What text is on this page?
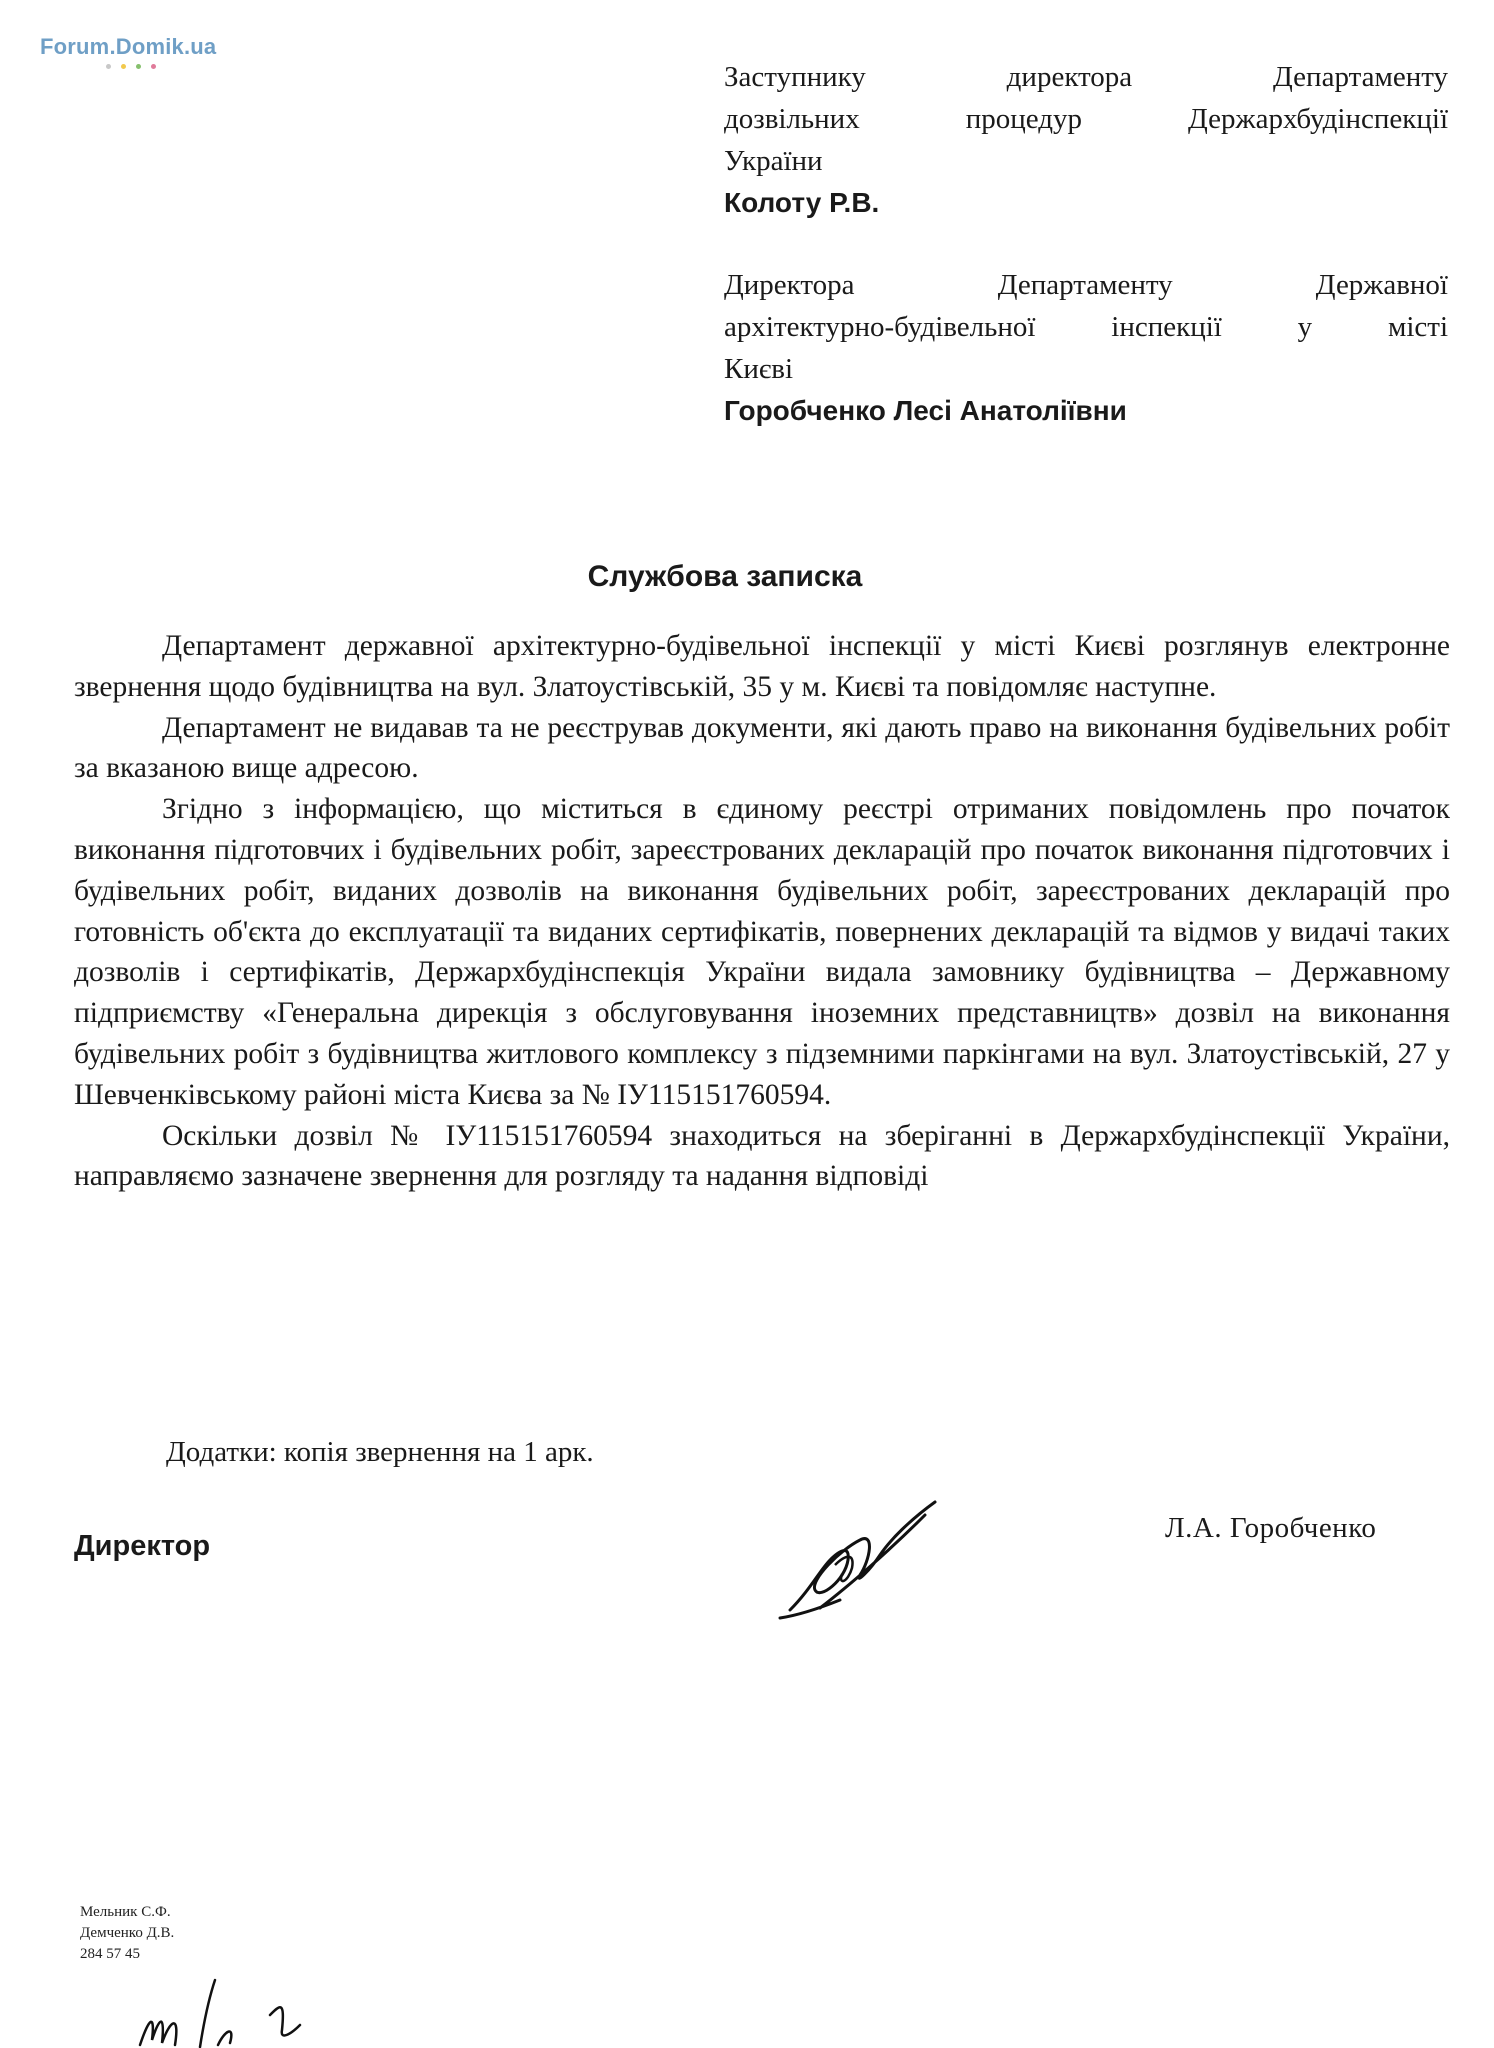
Forum.Domik.ua
Заступнику директора Департаменту
дозвільних процедур Держархбудінспекції
України
Колоту Р.В.
Директора Департаменту Державної
архітектурно-будівельної інспекції у місті
Києві
Горобченко Лесі Анатоліївни
Службова записка

Департамент державної архітектурно-будівельної інспекції у місті Києві розглянув електронне звернення щодо будівництва на вул. Златоустівській, 35 у м. Києві та повідомляє наступне.

Департамент не видавав та не реєстрував документи, які дають право на виконання будівельних робіт за вказаною вище адресою.

Згідно з інформацією, що міститься в єдиному реєстрі отриманих повідомлень про початок виконання підготовчих і будівельних робіт, зареєстрованих декларацій про початок виконання підготовчих і будівельних робіт, виданих дозволів на виконання будівельних робіт, зареєстрованих декларацій про готовність об'єкта до експлуатації та виданих сертифікатів, повернених декларацій та відмов у видачі таких дозволів і сертифікатів, Держархбудінспекція України видала замовнику будівництва – Державному підприємству «Генеральна дирекція з обслуговування іноземних представництв» дозвіл на виконання будівельних робіт з будівництва житлового комплексу з підземними паркінгами на вул. Златоустівській, 27 у Шевченківському районі міста Києва за № ІУ115151760594.

Оскільки дозвіл № ІУ115151760594 знаходиться на зберіганні в Держархбудінспекції України, направляємо зазначене звернення для розгляду та надання відповіді

Додатки: копія звернення на 1 арк.
Директор
Л.А. Горобченко
Мельник С.Ф.
Демченко Д.В.
284 57 45
